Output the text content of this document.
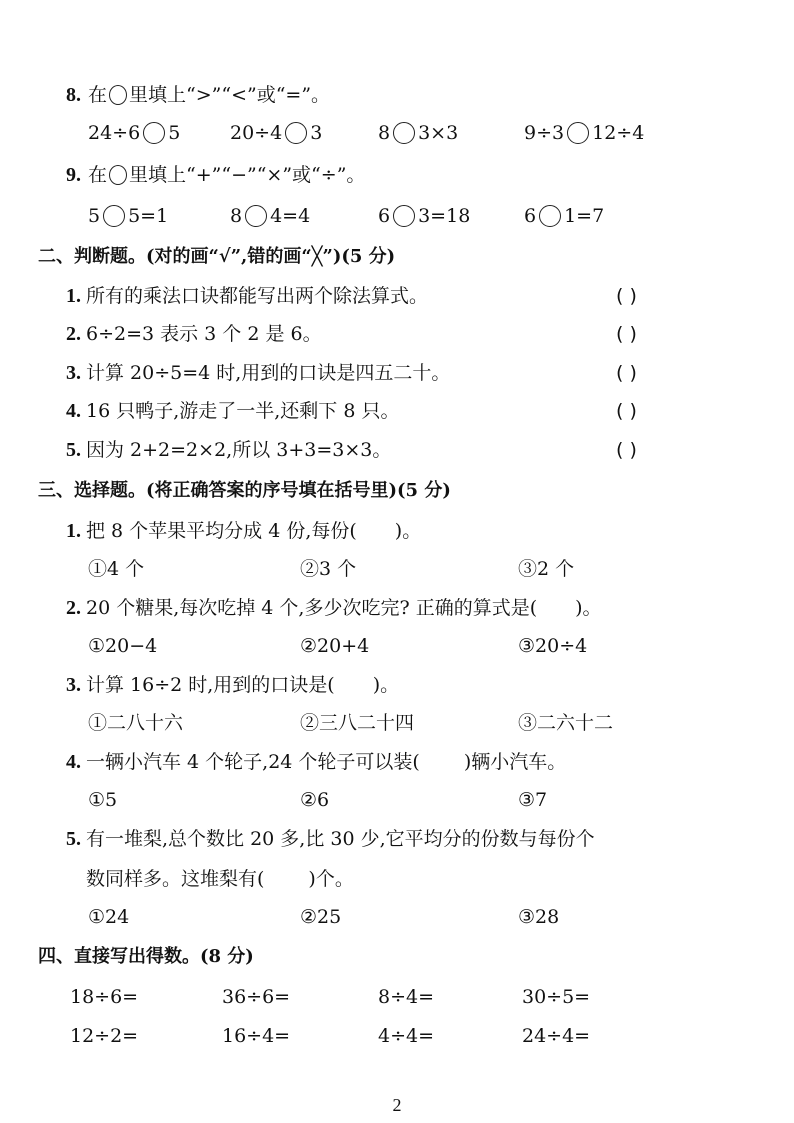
8. 在 里填上“>”“<”或“=”。
24÷6 5	20÷4 3	8 3×3	9÷3 12÷4
9. 在 里填上“+”“−”“×”或“÷”。
5 5=1	8 4=4	6 3=18	6 1=7
二、判断题。(对的画“√”,错的画“╳”)(5 分)
1. 所有的乘法口诀都能写出两个除法算式。	( )
2. 6÷2=3 表示 3 个 2 是 6。	( )
3. 计算 20÷5=4 时,用到的口诀是四五二十。	( )
4. 16 只鸭子,游走了一半,还剩下 8 只。	( )
5. 因为 2+2=2×2,所以 3+3=3×3。	( )
三、选择题。(将正确答案的序号填在括号里)(5 分)
1. 把 8 个苹果平均分成 4 份,每份( )。
①4 个	②3 个	③2 个
2. 20 个糖果,每次吃掉 4 个,多少次吃完? 正确的算式是( )。
①20−4	②20+4	③20÷4
3. 计算 16÷2 时,用到的口诀是( )。
①二八十六	②三八二十四	③二六十二
4. 一辆小汽车 4 个轮子,24 个轮子可以装( )辆小汽车。
①5	②6	③7
5. 有一堆梨,总个数比 20 多,比 30 少,它平均分的份数与每份个
数同样多。这堆梨有( )个。
①24	②25	③28
四、直接写出得数。(8 分)
18÷6=	36÷6=	8÷4=	30÷5=
12÷2=	16÷4=	4÷4=	24÷4=
2
